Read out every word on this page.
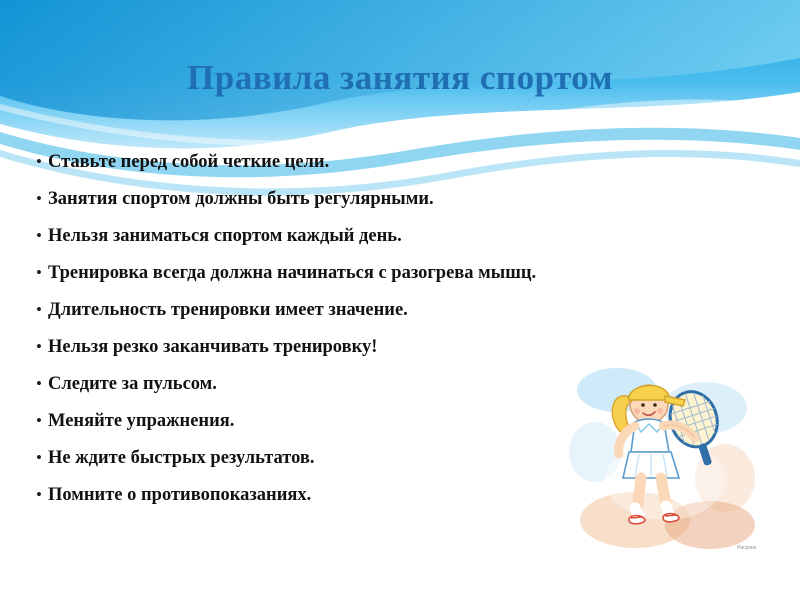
Правила занятия спортом
• Ставьте перед собой четкие цели.
• Занятия спортом должны быть регулярными.
• Нельзя заниматься спортом каждый день.
• Тренировка всегда должна начинаться с разогрева мышц.
• Длительность тренировки имеет значение.
• Нельзя резко заканчивать тренировку!
• Следите за пульсом.
• Меняйте упражнения.
• Не ждите быстрых результатов.
• Помните о противопоказаниях.
Рисунок
